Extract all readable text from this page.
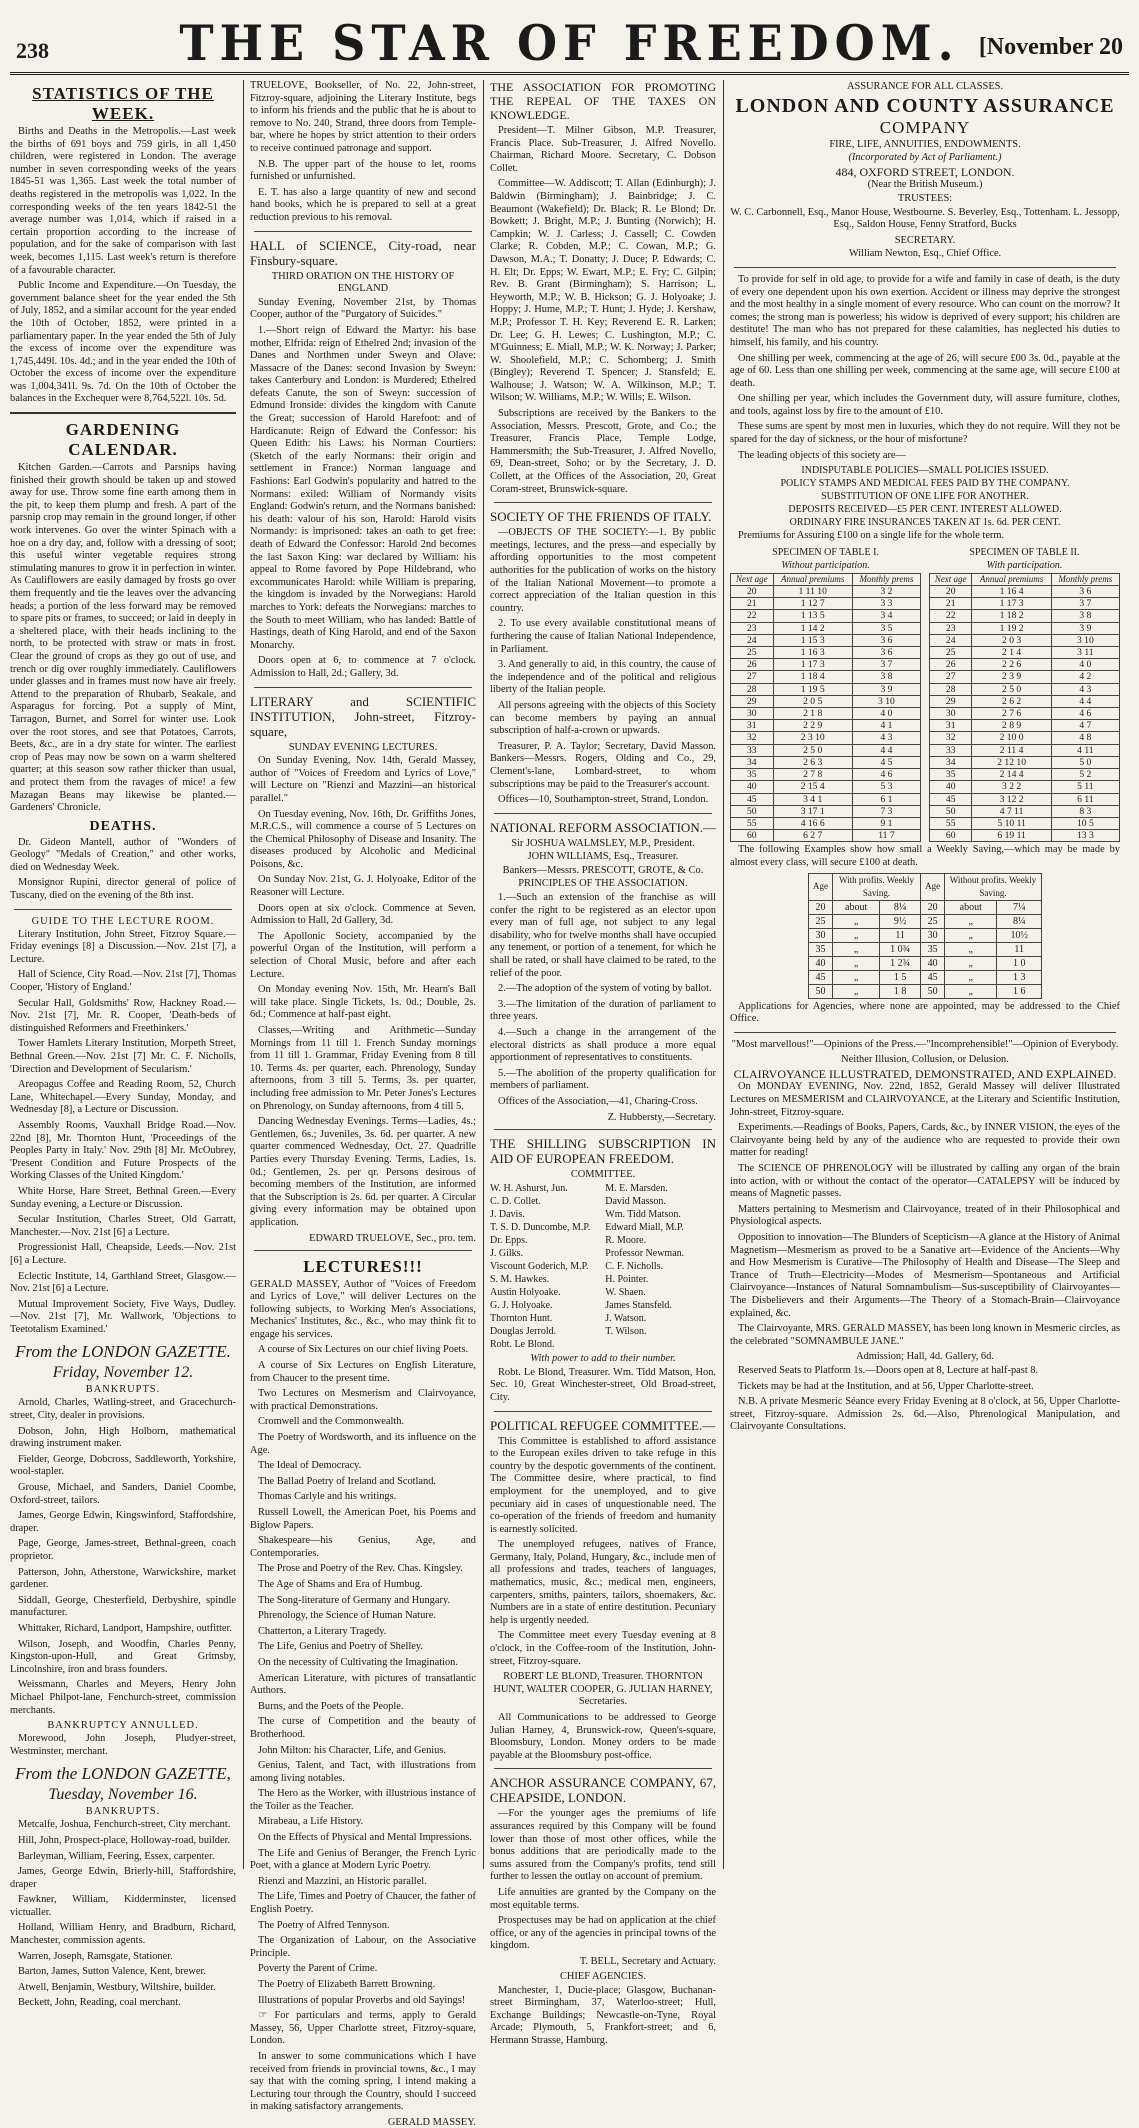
238	THE STAR OF FREEDOM. [November 20
STATISTICS OF THE WEEK.

Births and Deaths in the Metropolis.—Last week the births of 691 boys and 759 girls, in all 1,450 children, were registered in London. The average number in seven corresponding weeks of the years 1845-51 was 1,365. Last week the total number of deaths registered in the metropolis was 1,022. In the corresponding weeks of the ten years 1842-51 the average number was 1,014, which if raised in a certain proportion according to the increase of population, and for the sake of comparison with last week, becomes 1,115. Last week's return is therefore of a favourable character.

Public Income and Expenditure.—On Tuesday, the government balance sheet for the year ended the 5th of July, 1852, and a similar account for the year ended the 10th of October, 1852, were printed in a parliamentary paper. In the year ended the 5th of July the excess of income over the expenditure was 1,745,449l. 10s. 4d.; and in the year ended the 10th of October the excess of income over the expenditure was 1,004,341l. 9s. 7d. On the 10th of October the balances in the Exchequer were 8,764,522l. 10s. 5d.

GARDENING CALENDAR.

Kitchen Garden.—Carrots and Parsnips having finished their growth should be taken up and stowed away for use. Throw some fine earth among them in the pit, to keep them plump and fresh. A part of the parsnip crop may remain in the ground longer, if other work intervenes. Go over the winter Spinach with a hoe on a dry day, and, follow with a dressing of soot; this useful winter vegetable requires strong stimulating manures to grow it in perfection in winter. As Cauliflowers are easily damaged by frosts go over them frequently and tie the leaves over the advancing heads; a portion of the less forward may be removed to spare pits or frames, to succeed; or laid in deeply in a sheltered place, with their heads inclining to the north, to be protected with straw or mats in frost. Clear the ground of crops as they go out of use, and trench or dig over roughly immediately. Cauliflowers under glasses and in frames must now have air freely. Attend to the preparation of Rhubarb, Seakale, and Asparagus for forcing. Pot a supply of Mint, Tarragon, Burnet, and Sorrel for winter use. Look over the root stores, and see that Potatoes, Carrots, Beets, &c., are in a dry state for winter. The earliest crop of Peas may now be sown on a warm sheltered quarter; at this season sow rather thicker than usual, and protect them from the ravages of mice! a few Mazagan Beans may likewise be planted.—Gardeners' Chronicle.

DEATHS.

Dr. Gideon Mantell, author of "Wonders of Geology" "Medals of Creation," and other works, died on Wednesday Week.

Monsignor Rupini, director general of police of Tuscany, died on the evening of the 8th inst.

GUIDE TO THE LECTURE ROOM.

Literary Institution, John Street, Fitzroy Square.—Friday evenings [8] a Discussion.—Nov. 21st [7], a Lecture.

Hall of Science, City Road.—Nov. 21st [7], Thomas Cooper, 'History of England.'

Secular Hall, Goldsmiths' Row, Hackney Road.—Nov. 21st [7], Mr. R. Cooper, 'Death-beds of distinguished Reformers and Freethinkers.'

Tower Hamlets Literary Institution, Morpeth Street, Bethnal Green.—Nov. 21st [7] Mr. C. F. Nicholls, 'Direction and Development of Secularism.'

Areopagus Coffee and Reading Room, 52, Church Lane, Whitechapel.—Every Sunday, Monday, and Wednesday [8], a Lecture or Discussion.

Assembly Rooms, Vauxhall Bridge Road.—Nov. 22nd [8], Mr. Thornton Hunt, 'Proceedings of the Peoples Party in Italy.' Nov. 29th [8] Mr. McOubrey, 'Present Condition and Future Prospects of the Working Classes of the United Kingdom.'

White Horse, Hare Street, Bethnal Green.—Every Sunday evening, a Lecture or Discussion.

Secular Institution, Charles Street, Old Garratt, Manchester.—Nov. 21st [6] a Lecture.

Progressionist Hall, Cheapside, Leeds.—Nov. 21st [6] a Lecture.

Eclectic Institute, 14, Garthland Street, Glasgow.—Nov. 21st [6] a Lecture.

Mutual Improvement Society, Five Ways, Dudley.—Nov. 21st [7], Mr. Wallwork, 'Objections to Teetotalism Examined.'

From the LONDON GAZETTE.
Friday, November 12.
BANKRUPTS.

Arnold, Charles, Watling-street, and Gracechurch-street, City, dealer in provisions.

Dobson, John, High Holborn, mathematical drawing instrument maker.

Fielder, George, Dobcross, Saddleworth, Yorkshire, wool-stapler.

Grouse, Michael, and Sanders, Daniel Coombe, Oxford-street, tailors.

James, George Edwin, Kingswinford, Staffordshire, draper.

Page, George, James-street, Bethnal-green, coach proprietor.

Patterson, John, Atherstone, Warwickshire, market gardener.

Siddall, George, Chesterfield, Derbyshire, spindle manufacturer.

Whittaker, Richard, Landport, Hampshire, outfitter.

Wilson, Joseph, and Woodfin, Charles Penny, Kingston-upon-Hull, and Great Grimsby, Lincolnshire, iron and brass founders.

Weissmann, Charles and Meyers, Henry John Michael Philpot-lane, Fenchurch-street, commission merchants.

BANKRUPTCY ANNULLED.

Morewood, John Joseph, Pludyer-street, Westminster, merchant.

From the LONDON GAZETTE,
Tuesday, November 16.
BANKRUPTS.

Metcalfe, Joshua, Fenchurch-street, City merchant.

Hill, John, Prospect-place, Holloway-road, builder.

Barleyman, William, Feering, Essex, carpenter.

James, George Edwin, Brierly-hill, Staffordshire, draper

Fawkner, William, Kidderminster, licensed victualler.

Holland, William Henry, and Bradburn, Richard, Manchester, commission agents.

Warren, Joseph, Ramsgate, Stationer.

Barton, James, Sutton Valence, Kent, brewer.

Atwell, Benjamin, Westbury, Wiltshire, builder.

Beckett, John, Reading, coal merchant.

TRUELOVE, Bookseller, of No. 22, John-street, Fitzroy-square, adjoining the Literary Institute, begs to inform his friends and the public that he is about to remove to No. 240, Strand, three doors from Temple-bar, where he hopes by strict attention to their orders to receive continued patronage and support.

N.B. The upper part of the house to let, rooms furnished or unfurnished.

E. T. has also a large quantity of new and second hand books, which he is prepared to sell at a great reduction previous to his removal.

HALL of SCIENCE, City-road, near Finsbury-square.

THIRD ORATION ON THE HISTORY OF ENGLAND

Sunday Evening, November 21st, by Thomas Cooper, author of the "Purgatory of Suicides."

1.—Short reign of Edward the Martyr: his base mother, Elfrida: reign of Ethelred 2nd; invasion of the Danes and Northmen under Sweyn and Olave: Massacre of the Danes: second Invasion by Sweyn: takes Canterbury and London: is Murdered; Ethelred defeats Canute, the son of Sweyn: succession of Edmund Ironside: divides the kingdom with Canute the Great; succession of Harold Harefoot: and of Hardicanute: Reign of Edward the Confessor: his Queen Edith: his Laws: his Norman Courtiers: (Sketch of the early Normans: their origin and settlement in France:) Norman language and Fashions: Earl Godwin's popularity and hatred to the Normans: exiled: William of Normandy visits England: Godwin's return, and the Normans banished: his death: valour of his son, Harold: Harold visits Normandy: is imprisoned: takes an oath to get free: death of Edward the Confessor: Harold 2nd becomes the last Saxon King: war declared by William: his appeal to Rome favored by Pope Hildebrand, who excommunicates Harold: while William is preparing, the kingdom is invaded by the Norwegians: Harold marches to York: defeats the Norwegians: marches to the South to meet William, who has landed: Battle of Hastings, death of King Harold, and end of the Saxon Monarchy.

Doors open at 6, to commence at 7 o'clock. Admission to Hall, 2d.; Gallery, 3d.

LITERARY and SCIENTIFIC INSTITUTION, John-street, Fitzroy-square,

SUNDAY EVENING LECTURES.

On Sunday Evening, Nov. 14th, Gerald Massey, author of "Voices of Freedom and Lyrics of Love," will Lecture on "Rienzi and Mazzini—an historical parallel."

On Tuesday evening, Nov. 16th, Dr. Griffiths Jones, M.R.C.S., will commence a course of 5 Lectures on the Chemical Philosophy of Disease and Insanity. The diseases produced by Alcoholic and Medicinal Poisons, &c.

On Sunday Nov. 21st, G. J. Holyoake, Editor of the Reasoner will Lecture.

Doors open at six o'clock. Commence at Seven. Admission to Hall, 2d Gallery, 3d.

The Apollonic Society, accompanied by the powerful Organ of the Institution, will perform a selection of Choral Music, before and after each Lecture.

On Monday evening Nov. 15th, Mr. Hearn's Ball will take place. Single Tickets, 1s. 0d.; Double, 2s. 6d.; Commence at half-past eight.

Classes,—Writing and Arithmetic—Sunday Mornings from 11 till 1. French Sunday mornings from 11 till 1. Grammar, Friday Evening from 8 till 10. Terms 4s. per quarter, each. Phrenology, Sunday afternoons, from 3 till 5. Terms, 3s. per quarter, including free admission to Mr. Peter Jones's Lectures on Phrenology, on Sunday afternoons, from 4 till 5.

Dancing Wednesday Evenings. Terms—Ladies, 4s.; Gentlemen, 6s.; Juveniles, 3s. 6d. per quarter. A new quarter commenced Wednesday, Oct. 27. Quadrille Parties every Thursday Evening. Terms, Ladies, 1s. 0d.; Gentlemen, 2s. per qr. Persons desirous of becoming members of the Institution, are informed that the Subscription is 2s. 6d. per quarter. A Circular giving every information may be obtained upon application.

EDWARD TRUELOVE, Sec., pro. tem.
LECTURES!!!

GERALD MASSEY, Author of "Voices of Freedom and Lyrics of Love," will deliver Lectures on the following subjects, to Working Men's Associations, Mechanics' Institutes, &c., &c., who may think fit to engage his services.

A course of Six Lectures on our chief living Poets.

A course of Six Lectures on English Literature, from Chaucer to the present time.

Two Lectures on Mesmerism and Clairvoyance, with practical Demonstrations.

Cromwell and the Commonwealth.

The Poetry of Wordsworth, and its influence on the Age.

The Ideal of Democracy.

The Ballad Poetry of Ireland and Scotland.

Thomas Carlyle and his writings.

Russell Lowell, the American Poet, his Poems and Biglow Papers.

Shakespeare—his Genius, Age, and Contemporaries.

The Prose and Poetry of the Rev. Chas. Kingsley.

The Age of Shams and Era of Humbug.

The Song-literature of Germany and Hungary.

Phrenology, the Science of Human Nature.

Chatterton, a Literary Tragedy.

The Life, Genius and Poetry of Shelley.

On the necessity of Cultivating the Imagination.

American Literature, with pictures of transatlantic Authors.

Burns, and the Poets of the People.

The curse of Competition and the beauty of Brotherhood.

John Milton: his Character, Life, and Genius.

Genius, Talent, and Tact, with illustrations from among living notables.

The Hero as the Worker, with illustrious instance of the Toiler as the Teacher.

Mirabeau, a Life History.

On the Effects of Physical and Mental Impressions.

The Life and Genius of Beranger, the French Lyric Poet, with a glance at Modern Lyric Poetry.

Rienzi and Mazzini, an Historic parallel.

The Life, Times and Poetry of Chaucer, the father of English Poetry.

The Poetry of Alfred Tennyson.

The Organization of Labour, on the Associative Principle.

Poverty the Parent of Crime.

The Poetry of Elizabeth Barrett Browning.

Illustrations of popular Proverbs and old Sayings!

☞ For particulars and terms, apply to Gerald Massey, 56, Upper Charlotte street, Fitzroy-square, London.

In answer to some communications which I have received from friends in provincial towns, &c., I may say that with the coming spring, I intend making a Lecturing tour through the Country, should I succeed in making satisfactory arrangements.

GERALD MASSEY.

THE ASSOCIATION FOR PROMOTING THE REPEAL OF THE TAXES ON KNOWLEDGE.

President—T. Milner Gibson, M.P. Treasurer, Francis Place. Sub-Treasurer, J. Alfred Novello. Chairman, Richard Moore. Secretary, C. Dobson Collet.

Committee—W. Addiscott; T. Allan (Edinburgh); J. Baldwin (Birmingham); J. Bainbridge; J. C. Beaumont (Wakefield); Dr. Black; R. Le Blond; Dr. Bowkett; J. Bright, M.P.; J. Bunting (Norwich); H. Campkin; W. J. Carless; J. Cassell; C. Cowden Clarke; R. Cobden, M.P.; C. Cowan, M.P.; G. Dawson, M.A.; T. Donatty; J. Duce; P. Edwards; C. H. Elt; Dr. Epps; W. Ewart, M.P.; E. Fry; C. Gilpin; Rev. B. Grant (Birmingham); S. Harrison; L. Heyworth, M.P.; W. B. Hickson; G. J. Holyoake; J. Hoppy; J. Hume, M.P.; T. Hunt; J. Hyde; J. Kershaw, M.P.; Professor T. H. Key; Reverend E. R. Larken; Dr. Lee; G. H. Lewes; C. Lushington, M.P.; C. M'Guinness; E. Miall, M.P.; W. K. Norway; J. Parker; W. Shoolefield, M.P.; C. Schomberg; J. Smith (Bingley); Reverend T. Spencer; J. Stansfeld; E. Walhouse; J. Watson; W. A. Wilkinson, M.P.; T. Wilson; W. Williams, M.P.; W. Wills; E. Wilson.

Subscriptions are received by the Bankers to the Association, Messrs. Prescott, Grote, and Co.; the Treasurer, Francis Place, Temple Lodge, Hammersmith; the Sub-Treasurer, J. Alfred Novello, 69, Dean-street, Soho; or by the Secretary, J. D. Collett, at the Offices of the Association, 20, Great Coram-street, Brunswick-square.

SOCIETY OF THE FRIENDS OF ITALY.

—OBJECTS OF THE SOCIETY:—1. By public meetings, lectures, and the press—and especially by affording opportunities to the most competent authorities for the publication of works on the history of the Italian National Movement—to promote a correct appreciation of the Italian question in this country.

2. To use every available constitutional means of furthering the cause of Italian National Independence, in Parliament.

3. And generally to aid, in this country, the cause of the independence and of the political and religious liberty of the Italian people.

All persons agreeing with the objects of this Society can become members by paying an annual subscription of half-a-crown or upwards.

Treasurer, P. A. Taylor; Secretary, David Masson. Bankers—Messrs. Rogers, Olding and Co., 29, Clement's-lane, Lombard-street, to whom subscriptions may be paid to the Treasurer's account.

Offices—10, Southampton-street, Strand, London.

NATIONAL REFORM ASSOCIATION.—

Sir JOSHUA WALMSLEY, M.P., President.
JOHN WILLIAMS, Esq., Treasurer.
Bankers—Messrs. PRESCOTT, GROTE, & Co.
PRINCIPLES OF THE ASSOCIATION.

1.—Such an extension of the franchise as will confer the right to be registered as an elector upon every man of full age, not subject to any legal disability, who for twelve months shall have occupied any tenement, or portion of a tenement, for which he shall be rated, or shall have claimed to be rated, to the relief of the poor.

2.—The adoption of the system of voting by ballot.

3.—The limitation of the duration of parliament to three years.

4.—Such a change in the arrangement of the electoral districts as shall produce a more equal apportionment of representatives to constituents.

5.—The abolition of the property qualification for members of parliament.

Offices of the Association,—41, Charing-Cross.

Z. Hubbersty,—Secretary.

THE SHILLING SUBSCRIPTION IN AID OF EUROPEAN FREEDOM.

COMMITTEE.

W. H. Ashurst, Jun.

C. D. Collet.

J. Davis.

T. S. D. Duncombe, M.P.

Dr. Epps.

J. Gilks.

Viscount Goderich, M.P.

S. M. Hawkes.

Austin Holyoake.

G. J. Holyoake.

Thornton Hunt.

Douglas Jerrold.

Robt. Le Blond.

M. E. Marsden.

David Masson.

Wm. Tidd Matson.

Edward Miall, M.P.

R. Moore.

Professor Newman.

C. F. Nicholls.

H. Pointer.

W. Shaen.

James Stansfeld.

J. Watson.

T. Wilson.

With power to add to their number.

Robt. Le Blond, Treasurer. Wm. Tidd Matson, Hon. Sec. 10, Great Winchester-street, Old Broad-street, City.

POLITICAL REFUGEE COMMITTEE.—

This Committee is established to afford assistance to the European exiles driven to take refuge in this country by the despotic governments of the continent. The Committee desire, where practical, to find employment for the unemployed, and to give pecuniary aid in cases of unquestionable need. The co-operation of the friends of freedom and humanity is earnestly solicited.

The unemployed refugees, natives of France, Germany, Italy, Poland, Hungary, &c., include men of all professions and trades, teachers of languages, mathematics, music, &c.; medical men, engineers, carpenters, smiths, painters, tailors, shoemakers, &c. Numbers are in a state of entire destitution. Pecuniary help is urgently needed.

The Committee meet every Tuesday evening at 8 o'clock, in the Coffee-room of the Institution, John-street, Fitzroy-square.

ROBERT LE BLOND, Treasurer. THORNTON HUNT, WALTER COOPER, G. JULIAN HARNEY, Secretaries.

All Communications to be addressed to George Julian Harney, 4, Brunswick-row, Queen's-square, Bloomsbury, London. Money orders to be made payable at the Bloomsbury post-office.

ANCHOR ASSURANCE COMPANY, 67, CHEAPSIDE, LONDON.

—For the younger ages the premiums of life assurances required by this Company will be found lower than those of most other offices, while the bonus additions that are periodically made to the sums assured from the Company's profits, tend still further to lessen the outlay on account of premium.

Life annuities are granted by the Company on the most equitable terms.

Prospectuses may be had on application at the chief office, or any of the agencies in principal towns of the kingdom.

T. BELL, Secretary and Actuary.
CHIEF AGENCIES.

Manchester, 1, Ducie-place; Glasgow, Buchanan-street Birmingham, 37, Waterloo-street; Hull, Exchange Buildings; Newcastle-on-Tyne, Royal Arcade; Plymouth, 5, Frankfort-street; and 6, Hermann Strasse, Hamburg.

ASSURANCE FOR ALL CLASSES.
LONDON AND COUNTY ASSURANCE
COMPANY
FIRE, LIFE, ANNUITIES, ENDOWMENTS.
(Incorporated by Act of Parliament.)
484, OXFORD STREET, LONDON.
(Near the British Museum.)
TRUSTEES:

W. C. Carbonnell, Esq., Manor House, Westbourne. S. Beverley, Esq., Tottenham. L. Jessopp, Esq., Saldon House, Fenny Stratford, Bucks

SECRETARY.
William Newton, Esq., Chief Office.

To provide for self in old age, to provide for a wife and family in case of death, is the duty of every one dependent upon his own exertion. Accident or illness may deprive the strongest and the most healthy in a single moment of every resource. Who can count on the morrow? It comes; the strong man is powerless; his widow is deprived of every support; his children are destitute! The man who has not prepared for these calamities, has neglected his duties to himself, his family, and his country.

One shilling per week, commencing at the age of 26, will secure £00 3s. 0d., payable at the age of 60. Less than one shilling per week, commencing at the same age, will secure £100 at death.

One shilling per year, which includes the Government duty, will assure furniture, clothes, and tools, against loss by fire to the amount of £10.

These sums are spent by most men in luxuries, which they do not require. Will they not be spared for the day of sickness, or the hour of misfortune?

The leading objects of this society are—

INDISPUTABLE POLICIES—SMALL POLICIES ISSUED.

POLICY STAMPS AND MEDICAL FEES PAID BY THE COMPANY.

SUBSTITUTION OF ONE LIFE FOR ANOTHER.

DEPOSITS RECEIVED—£5 PER CENT. INTEREST ALLOWED.

ORDINARY FIRE INSURANCES TAKEN AT 1s. 6d. PER CENT.

Premiums for Assuring £100 on a single life for the whole term.

SPECIMEN OF TABLE I.
Without participation.
Next age	Annual premiums	Monthly prems
20	1 11 10	3 2
21	1 12 7	3 3
22	1 13 5	3 4
23	1 14 2	3 5
24	1 15 3	3 6
25	1 16 3	3 6
26	1 17 3	3 7
27	1 18 4	3 8
28	1 19 5	3 9
29	2 0 5	3 10
30	2 1 8	4 0
31	2 2 9	4 1
32	2 3 10	4 3
33	2 5 0	4 4
34	2 6 3	4 5
35	2 7 8	4 6
40	2 15 4	5 3
45	3 4 1	6 1
50	3 17 1	7 3
55	4 16 6	9 1
60	6 2 7	11 7
SPECIMEN OF TABLE II.
With participation.
Next age	Annual premiums	Monthly prems
20	1 16 4	3 6
21	1 17 3	3 7
22	1 18 2	3 8
23	1 19 2	3 9
24	2 0 3	3 10
25	2 1 4	3 11
26	2 2 6	4 0
27	2 3 9	4 2
28	2 5 0	4 3
29	2 6 2	4 4
30	2 7 6	4 6
31	2 8 9	4 7
32	2 10 0	4 8
33	2 11 4	4 11
34	2 12 10	5 0
35	2 14 4	5 2
40	3 2 2	5 11
45	3 12 2	6 11
50	4 7 11	8 3
55	5 10 11	10 5
60	6 19 11	13 3

The following Examples show how small a Weekly Saving,—which may be made by almost every class, will secure £100 at death.

Age	With profits. Weekly Saving.		Age	Without profits. Weekly Saving.	
20	about	8¼	20	about	7¼
25	„	9½	25	„	8¼
30	„	11	30	„	10½
35	„	1 0¾	35	„	11
40	„	1 2¾	40	„	1 0
45	„	1 5	45	„	1 3
50	„	1 8	50	„	1 6

Applications for Agencies, where none are appointed, may be addressed to the Chief Office.

"Most marvellous!"—Opinions of the Press.—"Incomprehensible!"—Opinion of Everybody.

Neither Illusion, Collusion, or Delusion.
CLAIRVOYANCE ILLUSTRATED, DEMONSTRATED, AND EXPLAINED.

On MONDAY EVENING, Nov. 22nd, 1852, Gerald Massey will deliver Illustrated Lectures on MESMERISM and CLAIRVOYANCE, at the Literary and Scientific Institution, John-street, Fitzroy-square.

Experiments.—Readings of Books, Papers, Cards, &c., by INNER VISION, the eyes of the Clairvoyante being held by any of the audience who are requested to provide their own matter for reading!

The SCIENCE OF PHRENOLOGY will be illustrated by calling any organ of the brain into action, with or without the contact of the operator—CATALEPSY will be induced by means of Magnetic passes.

Matters pertaining to Mesmerism and Clairvoyance, treated of in their Philosophical and Physiological aspects.

Opposition to innovation—The Blunders of Scepticism—A glance at the History of Animal Magnetism—Mesmerism as proved to be a Sanative art—Evidence of the Ancients—Why and How Mesmerism is Curative—The Philosophy of Health and Disease—The Sleep and Trance of Truth—Electricity—Modes of Mesmerism—Spontaneous and Artificial Clairvoyance—Instances of Natural Somnambulism—Sus-susceptibility of Clairvoyantes—The Disbelievers and their Arguments—The Theory of a Stomach-Brain—Clairvoyance explained, &c.

The Clairvoyante, MRS. GERALD MASSEY, has been long known in Mesmeric circles, as the celebrated "SOMNAMBULE JANE."

Admission; Hall, 4d. Gallery, 6d.

Reserved Seats to Platform 1s.—Doors open at 8, Lecture at half-past 8.

Tickets may be had at the Institution, and at 56, Upper Charlotte-street.

N.B. A private Mesmeric Séance every Friday Evening at 8 o'clock, at 56, Upper Charlotte-street, Fitzroy-square. Admission 2s. 6d.—Also, Phrenological Manipulation, and Clairvoyante Consultations.
